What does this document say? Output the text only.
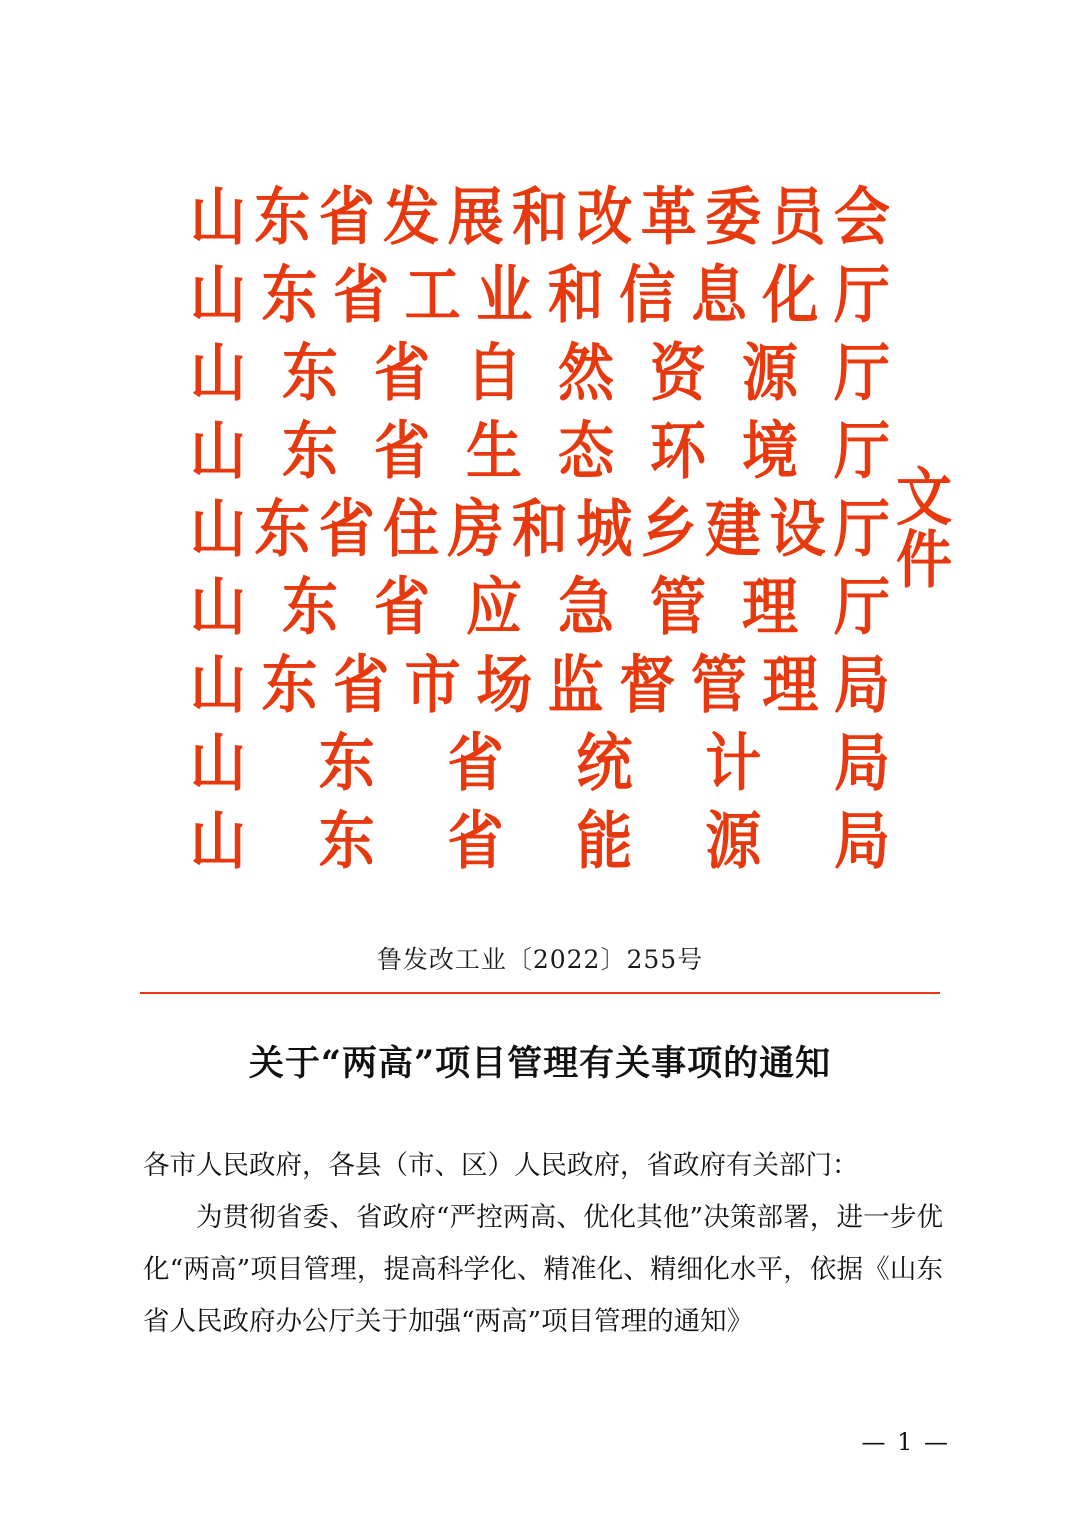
山 东 省 发 展 和 改 革 委 员 会
山 东 省 工 业 和 信 息 化 厅
山 东 省 自 然 资 源 厅
山 东 省 生 态 环 境 厅
山 东 省 住 房 和 城 乡 建 设 厅 文件
山 东 省 应 急 管 理 厅
山 东 省 市 场 监 督 管 理 局
山 东 省 统 计 局
山 东 省 能 源 局
鲁发改工业〔2022〕255号
关于“两高”项目管理有关事项的通知

各市人民政府，各县（市、区）人民政府，省政府有关部门：

为贯彻省委、省政府“严控两高、优化其他”决策部署，进一步优化“两高”项目管理，提高科学化、精准化、精细化水平，依据《山东省人民政府办公厅关于加强“两高”项目管理的通知》

— 1 —
